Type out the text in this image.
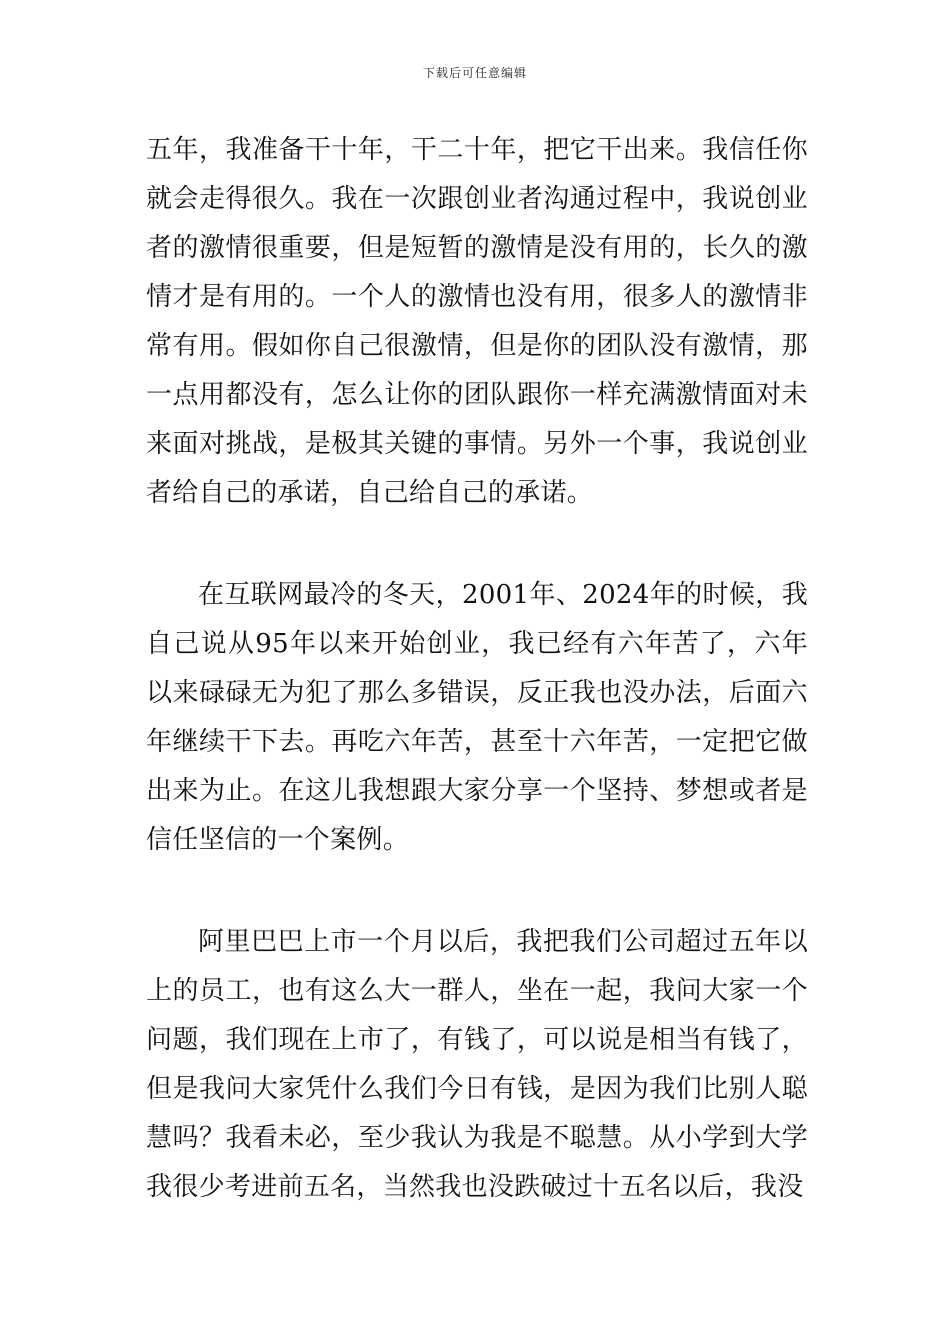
下载后可任意编辑

五年，我准备干十年，干二十年，把它干出来。我信任你就会走得很久。我在一次跟创业者沟通过程中，我说创业者的激情很重要，但是短暂的激情是没有用的，长久的激情才是有用的。一个人的激情也没有用，很多人的激情非常有用。假如你自己很激情，但是你的团队没有激情，那一点用都没有，怎么让你的团队跟你一样充满激情面对未来面对挑战，是极其关键的事情。另外一个事，我说创业者给自己的承诺，自己给自己的承诺。

在互联网最冷的冬天，2001年、2024年的时候，我自己说从95年以来开始创业，我已经有六年苦了，六年以来碌碌无为犯了那么多错误，反正我也没办法，后面六年继续干下去。再吃六年苦，甚至十六年苦，一定把它做出来为止。在这儿我想跟大家分享一个坚持、梦想或者是信任坚信的一个案例。

阿里巴巴上市一个月以后，我把我们公司超过五年以上的员工，也有这么大一群人，坐在一起，我问大家一个问题，我们现在上市了，有钱了，可以说是相当有钱了，但是我问大家凭什么我们今日有钱，是因为我们比别人聪慧吗？我看未必，至少我认为我是不聪慧。从小学到大学我很少考进前五名，当然我也没跌破过十五名以后，我没
